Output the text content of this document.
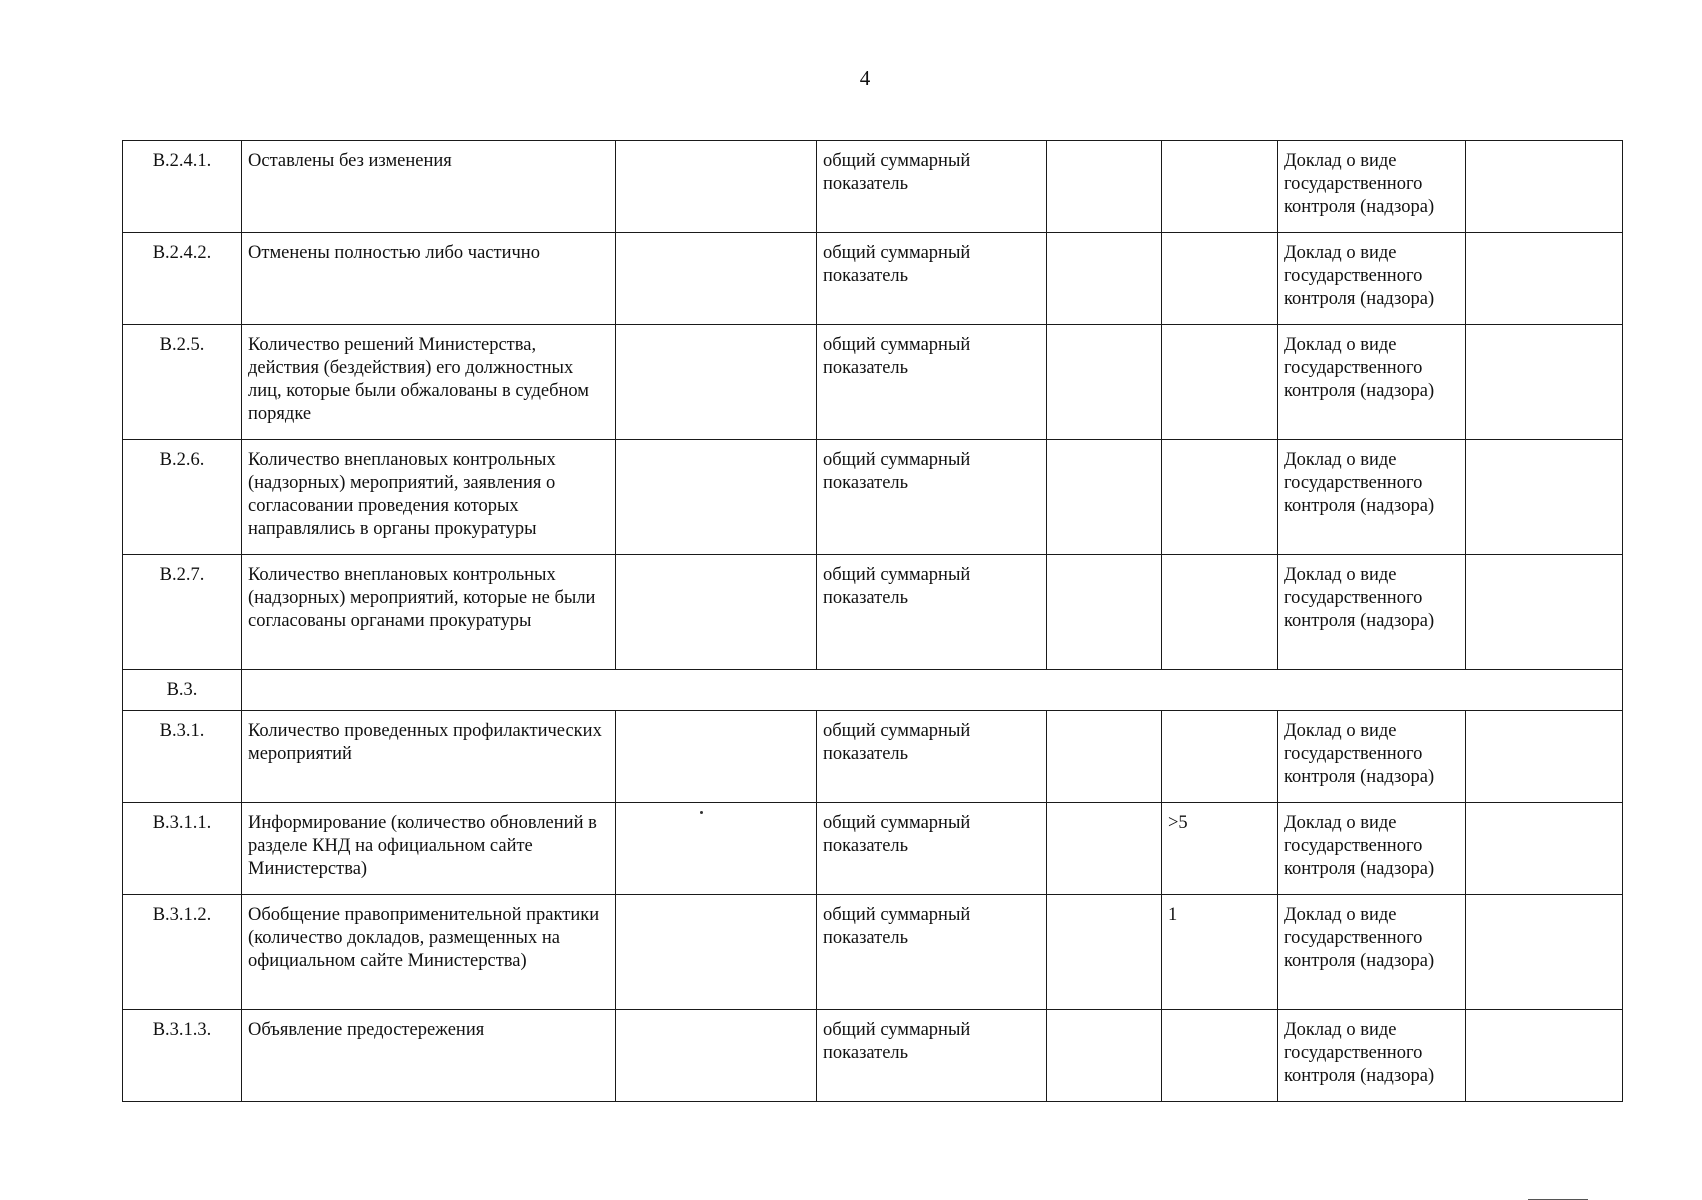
4
В.2.4.1.	Оставлены без изменения		общий суммарный показатель			Доклад о виде государственного контроля (надзора)	
В.2.4.2.	Отменены полностью либо частично		общий суммарный показатель			Доклад о виде государственного контроля (надзора)	
В.2.5.	Количество решений Министерства, действия (бездействия) его должностных лиц, которые были обжалованы в судебном порядке		общий суммарный показатель			Доклад о виде государственного контроля (надзора)	
В.2.6.	Количество внеплановых контрольных (надзорных) мероприятий, заявления о согласовании проведения которых направлялись в органы прокуратуры		общий суммарный показатель			Доклад о виде государственного контроля (надзора)	
В.2.7.	Количество внеплановых контрольных (надзорных) мероприятий, которые не были согласованы органами прокуратуры		общий суммарный показатель			Доклад о виде государственного контроля (надзора)	
В.3.							
В.3.1.	Количество проведенных профилактических мероприятий		общий суммарный показатель			Доклад о виде государственного контроля (надзора)	
В.3.1.1.	Информирование (количество обновлений в разделе КНД на официальном сайте Министерства)		общий суммарный показатель		>5	Доклад о виде государственного контроля (надзора)	
В.3.1.2.	Обобщение правоприменительной практики (количество докладов, размещенных на официальном сайте Министерства)		общий суммарный показатель		1	Доклад о виде государственного контроля (надзора)	
В.3.1.3.	Объявление предостережения		общий суммарный показатель			Доклад о виде государственного контроля (надзора)	
